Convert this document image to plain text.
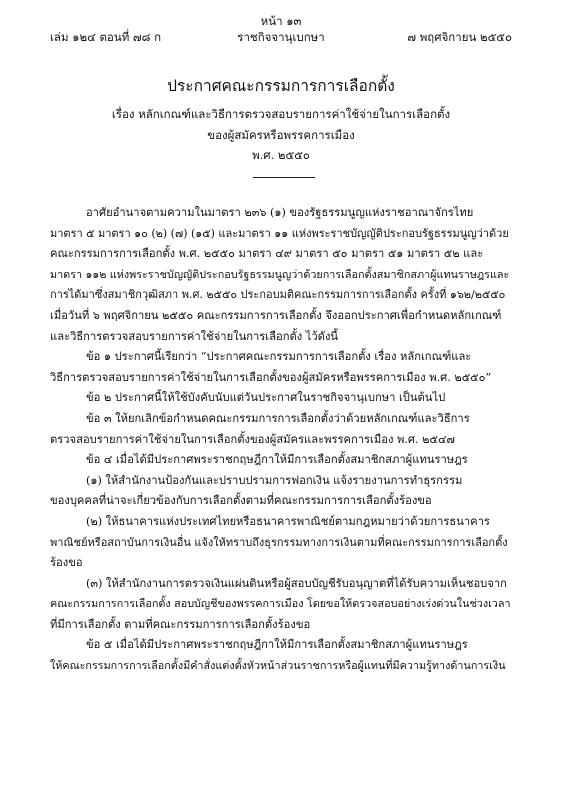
หน้า ๑๓
เล่ม ๑๒๔ ตอนที่ ๗๘ ก	ราชกิจจานุเบกษา	๗ พฤศจิกายน ๒๕๕๐
ประกาศคณะกรรมการการเลือกตั้ง
เรื่อง หลักเกณฑ์และวิธีการตรวจสอบรายการค่าใช้จ่ายในการเลือกตั้ง
ของผู้สมัครหรือพรรคการเมือง
พ.ศ. ๒๕๕๐
อาศัยอำนาจตามความในมาตรา ๒๓๖ (๑) ของรัฐธรรมนูญแห่งราชอาณาจักรไทย
มาตรา ๕ มาตรา ๑๐ (๒) (๗) (๑๕) และมาตรา ๑๑ แห่งพระราชบัญญัติประกอบรัฐธรรมนูญว่าด้วย
คณะกรรมการการเลือกตั้ง พ.ศ. ๒๕๕๐ มาตรา ๔๙ มาตรา ๕๐ มาตรา ๕๑ มาตรา ๕๒ และ
มาตรา ๑๑๒ แห่งพระราชบัญญัติประกอบรัฐธรรมนูญว่าด้วยการเลือกตั้งสมาชิกสภาผู้แทนราษฎรและ
การได้มาซึ่งสมาชิกวุฒิสภา พ.ศ. ๒๕๕๐ ประกอบมติคณะกรรมการการเลือกตั้ง ครั้งที่ ๑๖๒/๒๕๕๐
เมื่อวันที่ ๖ พฤศจิกายน ๒๕๕๐ คณะกรรมการการเลือกตั้ง จึงออกประกาศเพื่อกำหนดหลักเกณฑ์
และวิธีการตรวจสอบรายการค่าใช้จ่ายในการเลือกตั้ง ไว้ดังนี้
ข้อ ๑ ประกาศนี้เรียกว่า “ประกาศคณะกรรมการการเลือกตั้ง เรื่อง หลักเกณฑ์และ
วิธีการตรวจสอบรายการค่าใช้จ่ายในการเลือกตั้งของผู้สมัครหรือพรรคการเมือง พ.ศ. ๒๕๕๐”
ข้อ ๒ ประกาศนี้ให้ใช้บังคับนับแต่วันประกาศในราชกิจจานุเบกษา เป็นต้นไป
ข้อ ๓ ให้ยกเลิกข้อกำหนดคณะกรรมการการเลือกตั้งว่าด้วยหลักเกณฑ์และวิธีการ
ตรวจสอบรายการค่าใช้จ่ายในการเลือกตั้งของผู้สมัครและพรรคการเมือง พ.ศ. ๒๕๔๗
ข้อ ๔ เมื่อได้มีประกาศพระราชกฤษฎีกาให้มีการเลือกตั้งสมาชิกสภาผู้แทนราษฎร
(๑) ให้สำนักงานป้องกันและปราบปรามการฟอกเงิน แจ้งรายงานการทำธุรกรรม
ของบุคคลที่น่าจะเกี่ยวข้องกับการเลือกตั้งตามที่คณะกรรมการการเลือกตั้งร้องขอ
(๒) ให้ธนาคารแห่งประเทศไทยหรือธนาคารพาณิชย์ตามกฎหมายว่าด้วยการธนาคาร
พาณิชย์หรือสถาบันการเงินอื่น แจ้งให้ทราบถึงธุรกรรมทางการเงินตามที่คณะกรรมการการเลือกตั้ง
ร้องขอ
(๓) ให้สำนักงานการตรวจเงินแผ่นดินหรือผู้สอบบัญชีรับอนุญาตที่ได้รับความเห็นชอบจาก
คณะกรรมการการเลือกตั้ง สอบบัญชีของพรรคการเมือง โดยขอให้ตรวจสอบอย่างเร่งด่วนในช่วงเวลา
ที่มีการเลือกตั้ง ตามที่คณะกรรมการการเลือกตั้งร้องขอ
ข้อ ๕ เมื่อได้มีประกาศพระราชกฤษฎีกาให้มีการเลือกตั้งสมาชิกสภาผู้แทนราษฎร
ให้คณะกรรมการการเลือกตั้งมีคำสั่งแต่งตั้งหัวหน้าส่วนราชการหรือผู้แทนที่มีความรู้ทางด้านการเงิน
